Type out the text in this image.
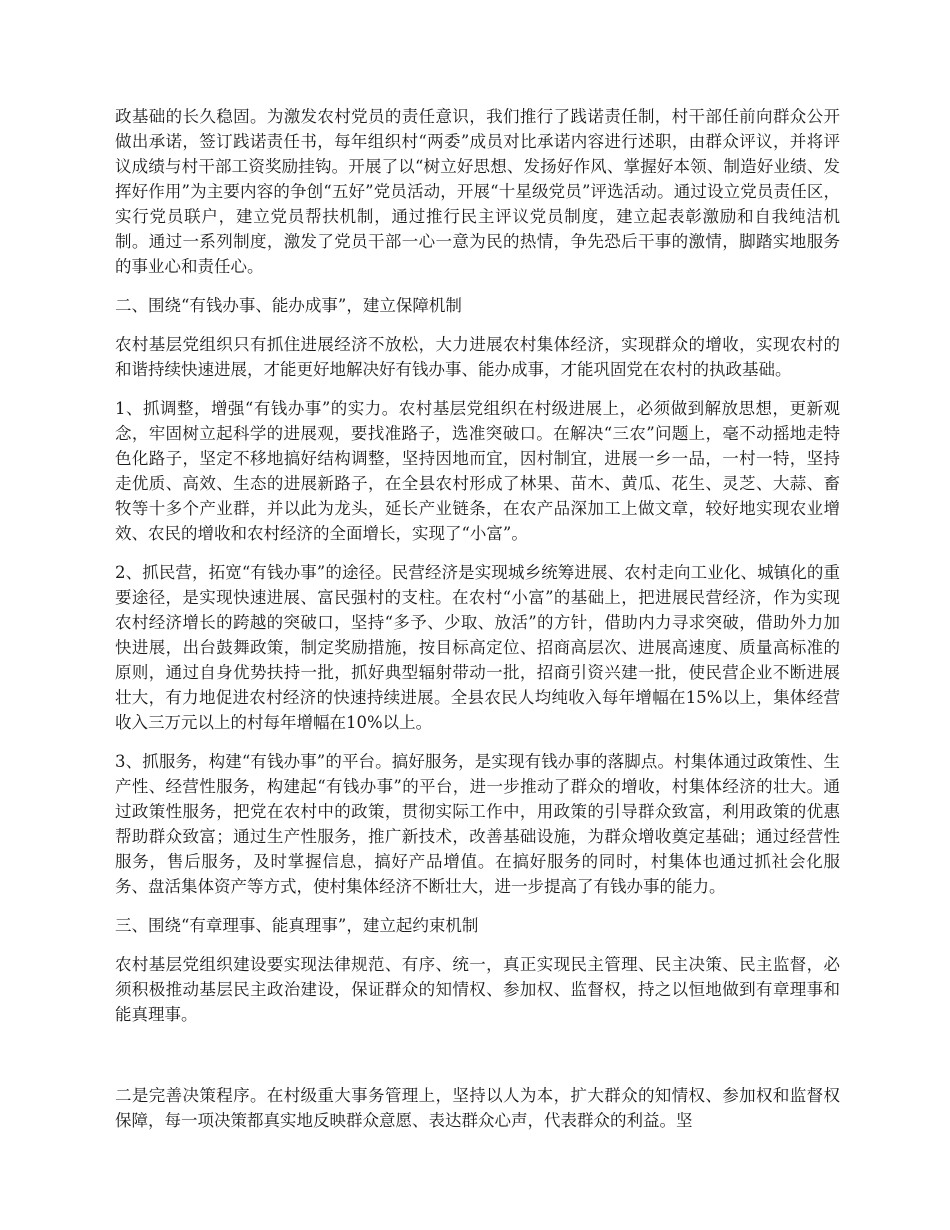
政基础的长久稳固。为激发农村党员的责任意识，我们推行了践诺责任制，村干部任前向群众公开做出承诺，签订践诺责任书，每年组织村“两委”成员对比承诺内容进行述职，由群众评议，并将评议成绩与村干部工资奖励挂钩。开展了以“树立好思想、发扬好作风、掌握好本领、制造好业绩、发挥好作用”为主要内容的争创“五好”党员活动，开展“十星级党员”评选活动。通过设立党员责任区，实行党员联户，建立党员帮扶机制，通过推行民主评议党员制度，建立起表彰激励和自我纯洁机制。通过一系列制度，激发了党员干部一心一意为民的热情，争先恐后干事的激情，脚踏实地服务的事业心和责任心。

二、围绕“有钱办事、能办成事”，建立保障机制

农村基层党组织只有抓住进展经济不放松，大力进展农村集体经济，实现群众的增收，实现农村的和谐持续快速进展，才能更好地解决好有钱办事、能办成事，才能巩固党在农村的执政基础。

1、抓调整，增强“有钱办事”的实力。农村基层党组织在村级进展上，必须做到解放思想，更新观念，牢固树立起科学的进展观，要找准路子，选准突破口。在解决“三农”问题上，毫不动摇地走特色化路子，坚定不移地搞好结构调整，坚持因地而宜，因村制宜，进展一乡一品，一村一特，坚持走优质、高效、生态的进展新路子，在全县农村形成了林果、苗木、黄瓜、花生、灵芝、大蒜、畜牧等十多个产业群，并以此为龙头，延长产业链条，在农产品深加工上做文章，较好地实现农业增效、农民的增收和农村经济的全面增长，实现了“小富”。

2、抓民营，拓宽“有钱办事”的途径。民营经济是实现城乡统筹进展、农村走向工业化、城镇化的重要途径，是实现快速进展、富民强村的支柱。在农村“小富”的基础上，把进展民营经济，作为实现农村经济增长的跨越的突破口，坚持“多予、少取、放活”的方针，借助内力寻求突破，借助外力加快进展，出台鼓舞政策，制定奖励措施，按目标高定位、招商高层次、进展高速度、质量高标准的原则，通过自身优势扶持一批，抓好典型辐射带动一批，招商引资兴建一批，使民营企业不断进展壮大，有力地促进农村经济的快速持续进展。全县农民人均纯收入每年增幅在15%以上，集体经营收入三万元以上的村每年增幅在10%以上。

3、抓服务，构建“有钱办事”的平台。搞好服务，是实现有钱办事的落脚点。村集体通过政策性、生产性、经营性服务，构建起“有钱办事”的平台，进一步推动了群众的增收，村集体经济的壮大。通过政策性服务，把党在农村中的政策，贯彻实际工作中，用政策的引导群众致富，利用政策的优惠帮助群众致富；通过生产性服务，推广新技术，改善基础设施，为群众增收奠定基础；通过经营性服务，售后服务，及时掌握信息，搞好产品增值。在搞好服务的同时，村集体也通过抓社会化服务、盘活集体资产等方式，使村集体经济不断壮大，进一步提高了有钱办事的能力。

三、围绕“有章理事、能真理事”，建立起约束机制

农村基层党组织建设要实现法律规范、有序、统一，真正实现民主管理、民主决策、民主监督，必须积极推动基层民主政治建设，保证群众的知情权、参加权、监督权，持之以恒地做到有章理事和能真理事。

二是完善决策程序。在村级重大事务管理上，坚持以人为本，扩大群众的知情权、参加权和监督权保障，每一项决策都真实地反映群众意愿、表达群众心声，代表群众的利益。坚
